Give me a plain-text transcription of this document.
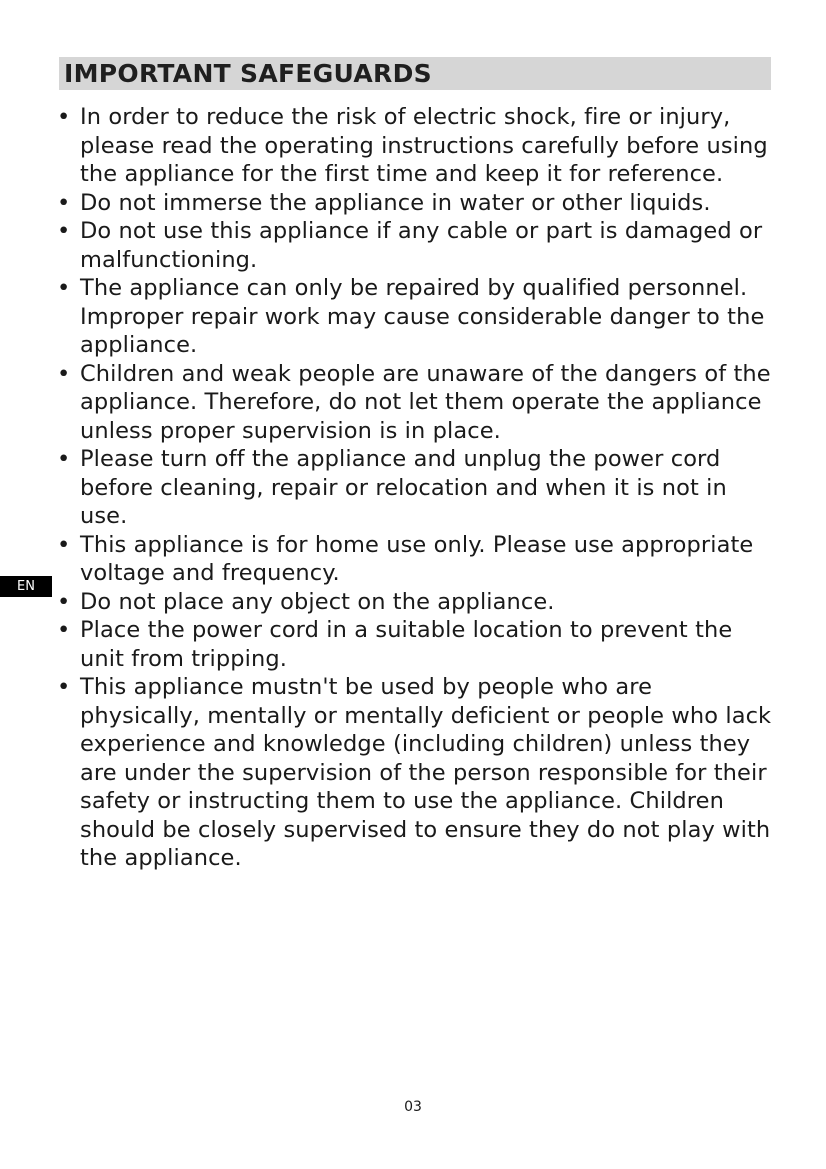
IMPORTANT SAFEGUARDS
• In order to reduce the risk of electric shock, fire or injury, please read the operating instructions carefully before using the appliance for the first time and keep it for reference.
• Do not immerse the appliance in water or other liquids.
• Do not use this appliance if any cable or part is damaged or malfunctioning.
• The appliance can only be repaired by qualified personnel.
Improper repair work may cause considerable danger to the appliance.
• Children and weak people are unaware of the dangers of the appliance. Therefore, do not let them operate the appliance unless proper supervision is in place.
• Please turn off the appliance and unplug the power cord before cleaning, repair or relocation and when it is not in use.
• This appliance is for home use only. Please use appropriate voltage and frequency.
• Do not place any object on the appliance.
• Place the power cord in a suitable location to prevent the unit from tripping.
• This appliance mustn't be used by people who are physically, mentally or mentally deficient or people who lack experience and knowledge (including children) unless they are under the supervision of the person responsible for their safety or instructing them to use the appliance. Children should be closely supervised to ensure they do not play with the appliance.
EN
03
